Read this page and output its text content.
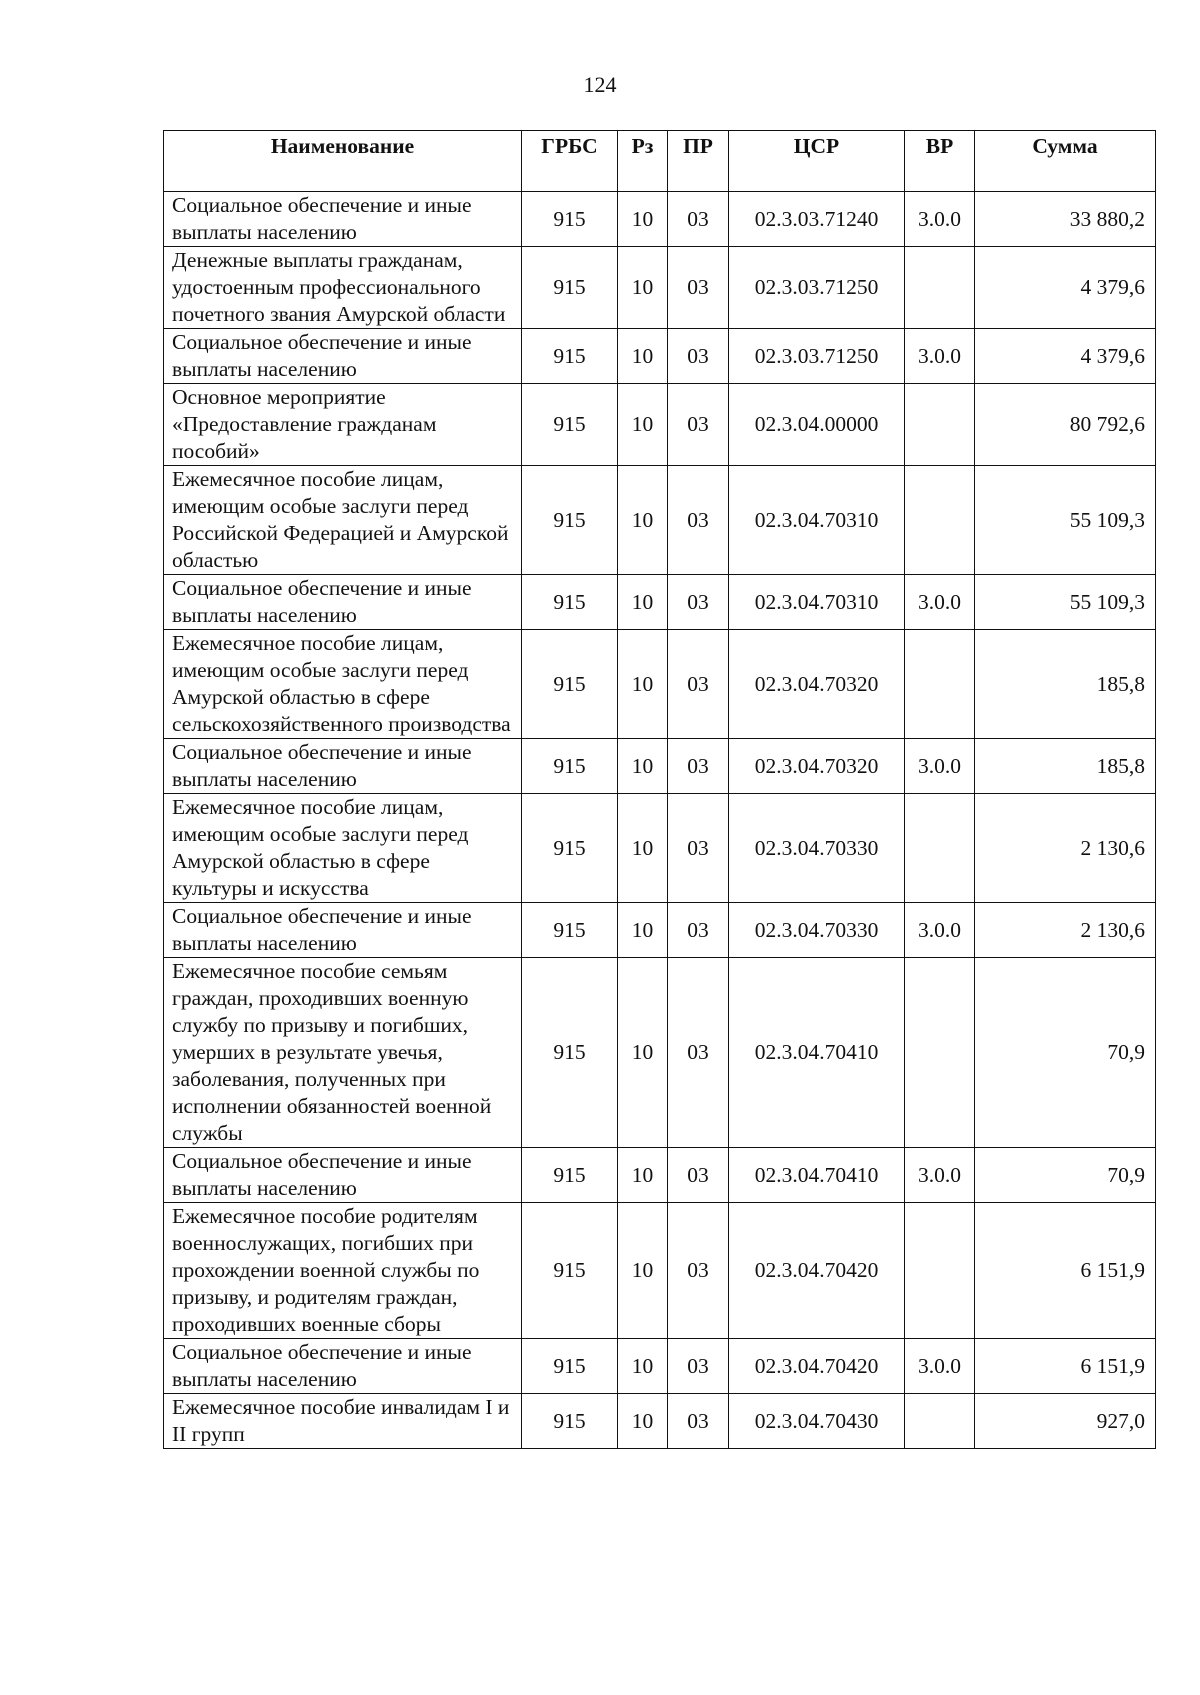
124
Наименование	ГРБС	Рз	ПР	ЦСР	ВР	Сумма
Социальное обеспечение и иные выплаты населению	915	10	03	02.3.03.71240	3.0.0	33 880,2
Денежные выплаты гражданам, удостоенным профессионального почетного звания Амурской области	915	10	03	02.3.03.71250		4 379,6
Социальное обеспечение и иные выплаты населению	915	10	03	02.3.03.71250	3.0.0	4 379,6
Основное мероприятие «Предоставление гражданам пособий»	915	10	03	02.3.04.00000		80 792,6
Ежемесячное пособие лицам, имеющим особые заслуги перед Российской Федерацией и Амурской областью	915	10	03	02.3.04.70310		55 109,3
Социальное обеспечение и иные выплаты населению	915	10	03	02.3.04.70310	3.0.0	55 109,3
Ежемесячное пособие лицам, имеющим особые заслуги перед Амурской областью в сфере сельскохозяйственного производства	915	10	03	02.3.04.70320		185,8
Социальное обеспечение и иные выплаты населению	915	10	03	02.3.04.70320	3.0.0	185,8
Ежемесячное пособие лицам, имеющим особые заслуги перед Амурской областью в сфере культуры и искусства	915	10	03	02.3.04.70330		2 130,6
Социальное обеспечение и иные выплаты населению	915	10	03	02.3.04.70330	3.0.0	2 130,6
Ежемесячное пособие семьям граждан, проходивших военную службу по призыву и погибших, умерших в результате увечья, заболевания, полученных при исполнении обязанностей военной службы	915	10	03	02.3.04.70410		70,9
Социальное обеспечение и иные выплаты населению	915	10	03	02.3.04.70410	3.0.0	70,9
Ежемесячное пособие родителям военнослужащих, погибших при прохождении военной службы по призыву, и родителям граждан, проходивших военные сборы	915	10	03	02.3.04.70420		6 151,9
Социальное обеспечение и иные выплаты населению	915	10	03	02.3.04.70420	3.0.0	6 151,9
Ежемесячное пособие инвалидам I и II групп	915	10	03	02.3.04.70430		927,0
